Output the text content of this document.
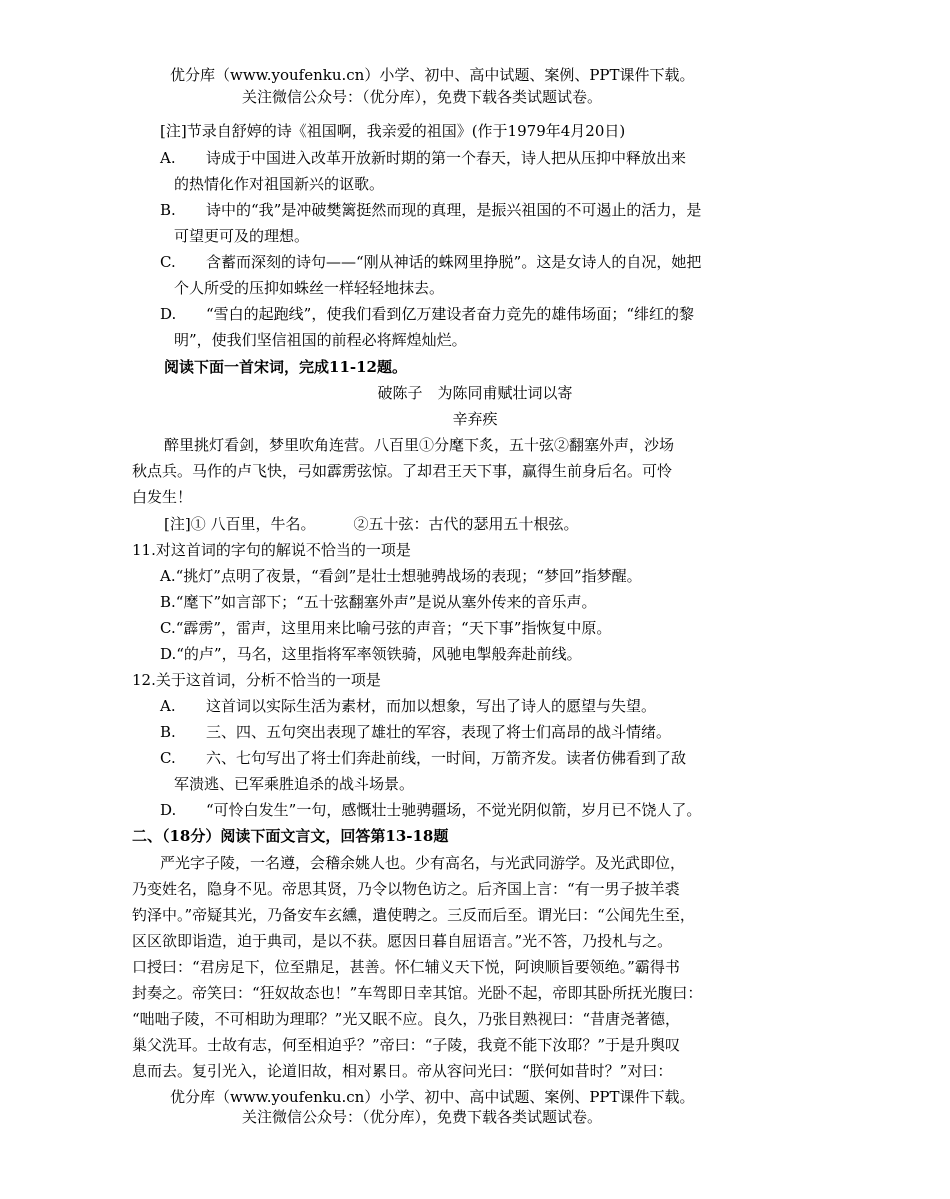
优分库（www.youfenku.cn）小学、初中、高中试题、案例、PPT课件下载。
关注微信公众号：（优分库），免费下载各类试题试卷。
[注]节录自舒婷的诗《祖国啊，我亲爱的祖国》(作于1979年4月20日)
A. 诗成于中国进入改革开放新时期的第一个春天，诗人把从压抑中释放出来
的热情化作对祖国新兴的讴歌。
B. 诗中的“我”是冲破樊篱挺然而现的真理，是振兴祖国的不可遏止的活力，是
可望更可及的理想。
C. 含蓄而深刻的诗句——“刚从神话的蛛网里挣脱”。这是女诗人的自况，她把
个人所受的压抑如蛛丝一样轻轻地抹去。
D. “雪白的起跑线”，使我们看到亿万建设者奋力竞先的雄伟场面；“绯红的黎
明”，使我们坚信祖国的前程必将辉煌灿烂。
阅读下面一首宋词，完成11-12题。
破陈子　为陈同甫赋壮词以寄
辛弃疾
醉里挑灯看剑，梦里吹角连营。八百里①分麾下炙，五十弦②翻塞外声，沙场
秋点兵。马作的卢飞快，弓如霹雳弦惊。了却君王天下事，赢得生前身后名。可怜
白发生！
[注]① 八百里，牛名。	②五十弦：古代的瑟用五十根弦。
11.对这首词的字句的解说不恰当的一项是
A.“挑灯”点明了夜景，“看剑”是壮士想驰骋战场的表现；“梦回”指梦醒。
B.“麾下”如言部下；“五十弦翻塞外声”是说从塞外传来的音乐声。
C.“霹雳”，雷声，这里用来比喻弓弦的声音；“天下事”指恢复中原。
D.“的卢”，马名，这里指将军率领铁骑，风驰电掣般奔赴前线。
12.关于这首词，分析不恰当的一项是
A. 这首词以实际生活为素材，而加以想象，写出了诗人的愿望与失望。
B. 三、四、五句突出表现了雄壮的军容，表现了将士们高昂的战斗情绪。
C. 六、七句写出了将士们奔赴前线，一时间，万箭齐发。读者仿佛看到了敌
军溃逃、已军乘胜追杀的战斗场景。
D. “可怜白发生”一句，感慨壮士驰骋疆场，不觉光阴似箭，岁月已不饶人了。
二、（18分）阅读下面文言文，回答第13-18题
严光字子陵，一名遵，会稽余姚人也。少有高名，与光武同游学。及光武即位，
乃变姓名，隐身不见。帝思其贤，乃令以物色访之。后齐国上言：“有一男子披羊裘
钓泽中。”帝疑其光，乃备安车玄纁，遣使聘之。三反而后至。谓光曰：“公闻先生至，
区区欲即诣造，迫于典司，是以不获。愿因日暮自屈语言。”光不答，乃投札与之。
口授曰：“君房足下，位至鼎足，甚善。怀仁辅义天下悦，阿谀顺旨要领绝。”霸得书
封奏之。帝笑曰：“狂奴故态也！”车驾即日幸其馆。光卧不起，帝即其卧所抚光腹曰：
“咄咄子陵，不可相助为理耶？”光又眠不应。良久，乃张目熟视曰：“昔唐尧著德，
巢父洗耳。士故有志，何至相迫乎？”帝曰：“子陵，我竟不能下汝耶？”于是升舆叹
息而去。复引光入，论道旧故，相对累日。帝从容问光曰：“朕何如昔时？”对曰：
优分库（www.youfenku.cn）小学、初中、高中试题、案例、PPT课件下载。
关注微信公众号：（优分库），免费下载各类试题试卷。
